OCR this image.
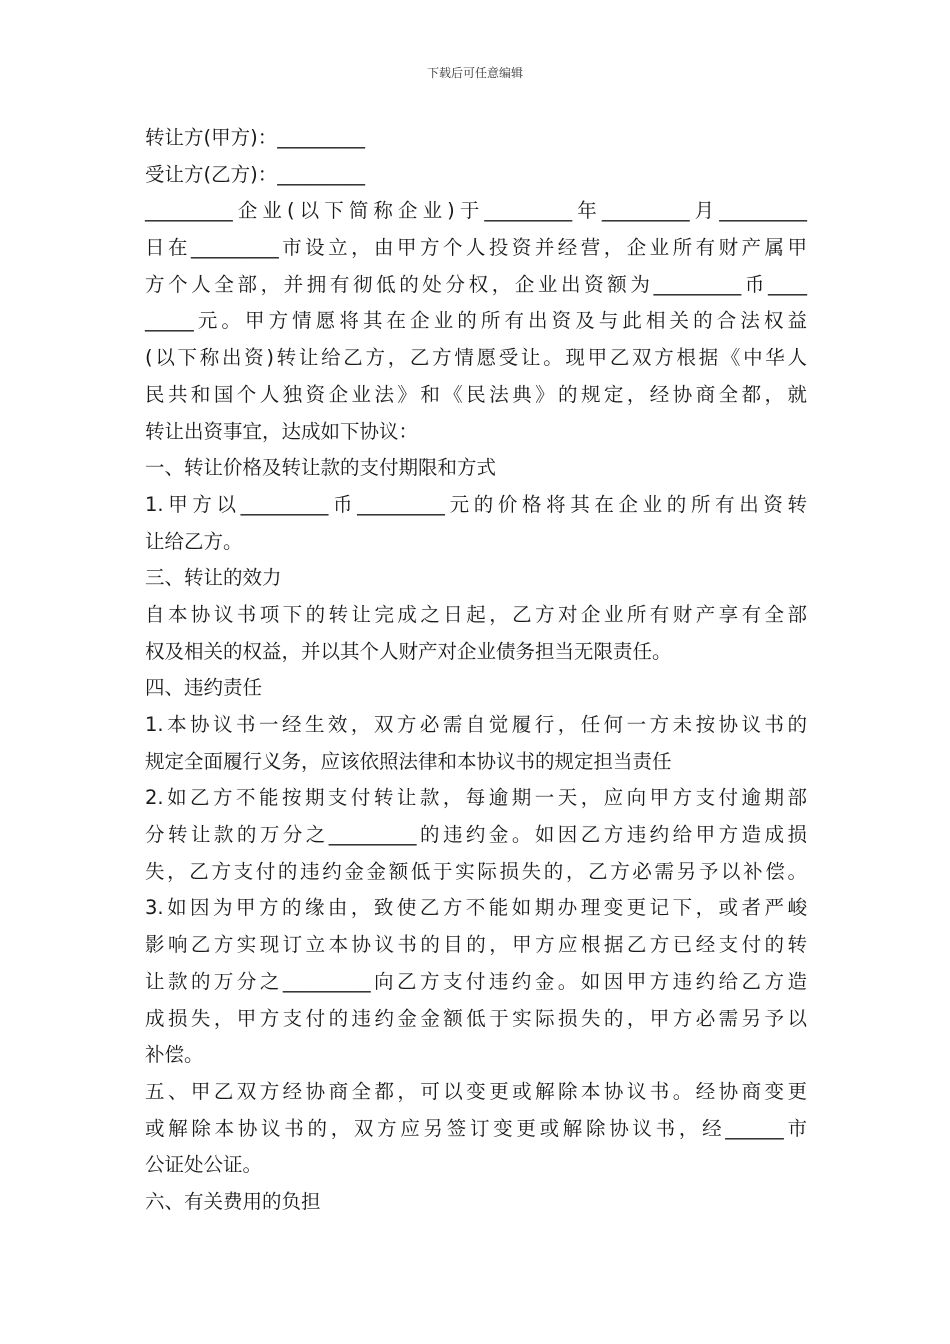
下载后可任意编辑
转让方(甲方)：_________
受让方(乙方)：_________
_________企业(以下简称企业)于_________年_________月_________
日在_________市设立，由甲方个人投资并经营，企业所有财产属甲
方个人全部，并拥有彻低的处分权，企业出资额为_________币____
_____元。甲方情愿将其在企业的所有出资及与此相关的合法权益
(以下称出资)转让给乙方，乙方情愿受让。现甲乙双方根据《中华人
民共和国个人独资企业法》和《民法典》的规定，经协商全都，就
转让出资事宜，达成如下协议：
一、转让价格及转让款的支付期限和方式
1.甲方以_________币_________元的价格将其在企业的所有出资转
让给乙方。
三、转让的效力
自本协议书项下的转让完成之日起，乙方对企业所有财产享有全部
权及相关的权益，并以其个人财产对企业债务担当无限责任。
四、违约责任
1.本协议书一经生效，双方必需自觉履行，任何一方未按协议书的
规定全面履行义务，应该依照法律和本协议书的规定担当责任
2.如乙方不能按期支付转让款，每逾期一天，应向甲方支付逾期部
分转让款的万分之_________的违约金。如因乙方违约给甲方造成损
失，乙方支付的违约金金额低于实际损失的，乙方必需另予以补偿。
3.如因为甲方的缘由，致使乙方不能如期办理变更记下，或者严峻
影响乙方实现订立本协议书的目的，甲方应根据乙方已经支付的转
让款的万分之_________向乙方支付违约金。如因甲方违约给乙方造
成损失，甲方支付的违约金金额低于实际损失的，甲方必需另予以
补偿。
五、甲乙双方经协商全都，可以变更或解除本协议书。经协商变更
或解除本协议书的，双方应另签订变更或解除协议书，经______市
公证处公证。
六、有关费用的负担
